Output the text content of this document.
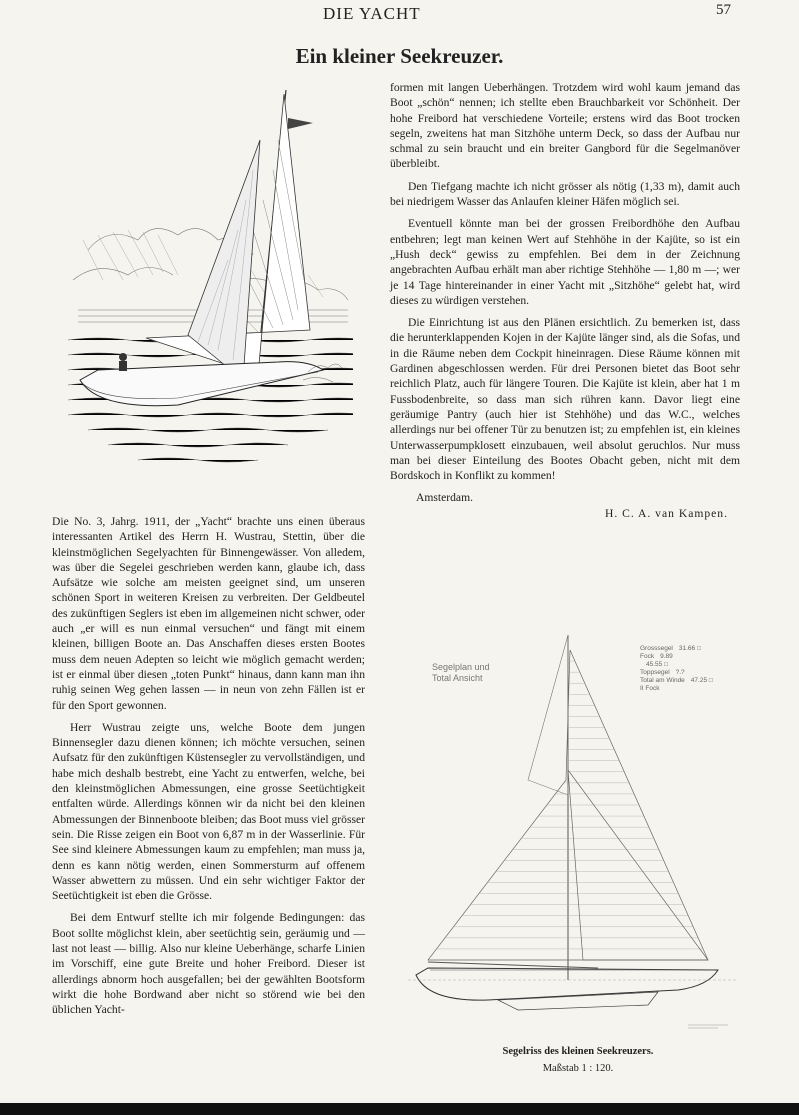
DIE YACHT	57
Ein kleiner Seekreuzer.

Die No. 3, Jahrg. 1911, der „Yacht“ brachte uns einen überaus interessanten Artikel des Herrn H. Wustrau, Stettin, über die kleinstmöglichen Segelyachten für Binnengewässer. Von alledem, was über die Segelei geschrieben werden kann, glaube ich, dass Aufsätze wie solche am meisten geeignet sind, um unseren schönen Sport in weiteren Kreisen zu verbreiten. Der Geldbeutel des zukünftigen Seglers ist eben im allgemeinen nicht schwer, oder auch „er will es nun einmal versuchen“ und fängt mit einem kleinen, billigen Boote an. Das Anschaffen dieses ersten Bootes muss dem neuen Adepten so leicht wie möglich gemacht werden; ist er einmal über diesen „toten Punkt“ hinaus, dann kann man ihn ruhig seinen Weg gehen lassen — in neun von zehn Fällen ist er für den Sport gewonnen.

Herr Wustrau zeigte uns, welche Boote dem jungen Binnensegler dazu dienen können; ich möchte versuchen, seinen Aufsatz für den zukünftigen Küstensegler zu vervollständigen, und habe mich deshalb bestrebt, eine Yacht zu entwerfen, welche, bei den kleinstmöglichen Abmessungen, eine grosse Seetüchtigkeit entfalten würde. Allerdings können wir da nicht bei den kleinen Abmessungen der Binnenboote bleiben; das Boot muss viel grösser sein. Die Risse zeigen ein Boot von 6,87 m in der Wasserlinie. Für See sind kleinere Abmessungen kaum zu empfehlen; man muss ja, denn es kann nötig werden, einen Sommersturm auf offenem Wasser abwettern zu müssen. Und ein sehr wichtiger Faktor der Seetüchtigkeit ist eben die Grösse.

Bei dem Entwurf stellte ich mir folgende Bedingungen: das Boot sollte möglichst klein, aber seetüchtig sein, geräumig und — last not least — billig. Also nur kleine Ueberhänge, scharfe Linien im Vorschiff, eine gute Breite und hoher Freibord. Dieser ist allerdings abnorm hoch ausgefallen; bei der gewählten Bootsform wirkt die hohe Bordwand aber nicht so störend wie bei den üblichen Yacht-

formen mit langen Ueberhängen. Trotzdem wird wohl kaum jemand das Boot „schön“ nennen; ich stellte eben Brauchbarkeit vor Schönheit. Der hohe Freibord hat verschiedene Vorteile; erstens wird das Boot trocken segeln, zweitens hat man Sitzhöhe unterm Deck, so dass der Aufbau nur schmal zu sein braucht und ein breiter Gangbord für die Segelmanöver überbleibt.

Den Tiefgang machte ich nicht grösser als nötig (1,33 m), damit auch bei niedrigem Wasser das Anlaufen kleiner Häfen möglich sei.

Eventuell könnte man bei der grossen Freibordhöhe den Aufbau entbehren; legt man keinen Wert auf Stehhöhe in der Kajüte, so ist ein „Hush deck“ gewiss zu empfehlen. Bei dem in der Zeichnung angebrachten Aufbau erhält man aber richtige Stehhöhe — 1,80 m —; wer je 14 Tage hintereinander in einer Yacht mit „Sitzhöhe“ gelebt hat, wird dieses zu würdigen verstehen.

Die Einrichtung ist aus den Plänen ersichtlich. Zu bemerken ist, dass die herunterklappenden Kojen in der Kajüte länger sind, als die Sofas, und in die Räume neben dem Cockpit hineinragen. Diese Räume können mit Gardinen abgeschlossen werden. Für drei Personen bietet das Boot sehr reichlich Platz, auch für längere Touren. Die Kajüte ist klein, aber hat 1 m Fussbodenbreite, so dass man sich rühren kann. Davor liegt eine geräumige Pantry (auch hier ist Stehhöhe) und das W.C., welches allerdings nur bei offener Tür zu benutzen ist; zu empfehlen ist, ein kleines Unterwasserpumpklosett einzubauen, weil absolut geruchlos. Nur muss man bei dieser Einteilung des Bootes Obacht geben, nicht mit dem Bordskoch in Konflikt zu kommen!

Amsterdam.

H. C. A. van Kampen.
Segelplan und
Total Ansicht
Grosssegel 31.66 □
Fock 9.89
45.55 □
Toppsegel ?.?
Total am Winde 47.25 □
II Fock
Segelriss des kleinen Seekreuzers.
Maßstab 1 : 120.
